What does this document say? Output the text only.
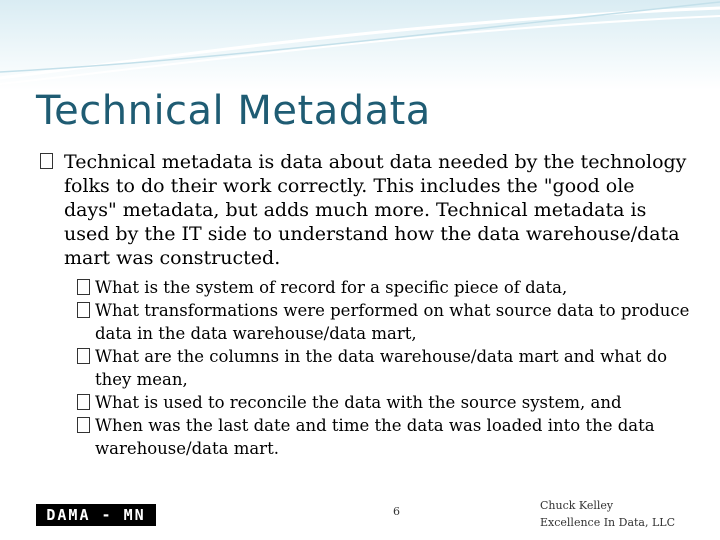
Technical Metadata

Technical metadata is data about data needed by the technology folks to do their work correctly. This includes the "good ole days" metadata, but adds much more. Technical metadata is used by the IT side to understand how the data warehouse/data mart was constructed.

What is the system of record for a specific piece of data,

What transformations were performed on what source data to produce data in the data warehouse/data mart,

What are the columns in the data warehouse/data mart and what do they mean,

What is used to reconcile the data with the source system, and

When was the last date and time the data was loaded into the data warehouse/data mart.

DAMA - MN	6	Chuck Kelley
Excellence In Data, LLC
